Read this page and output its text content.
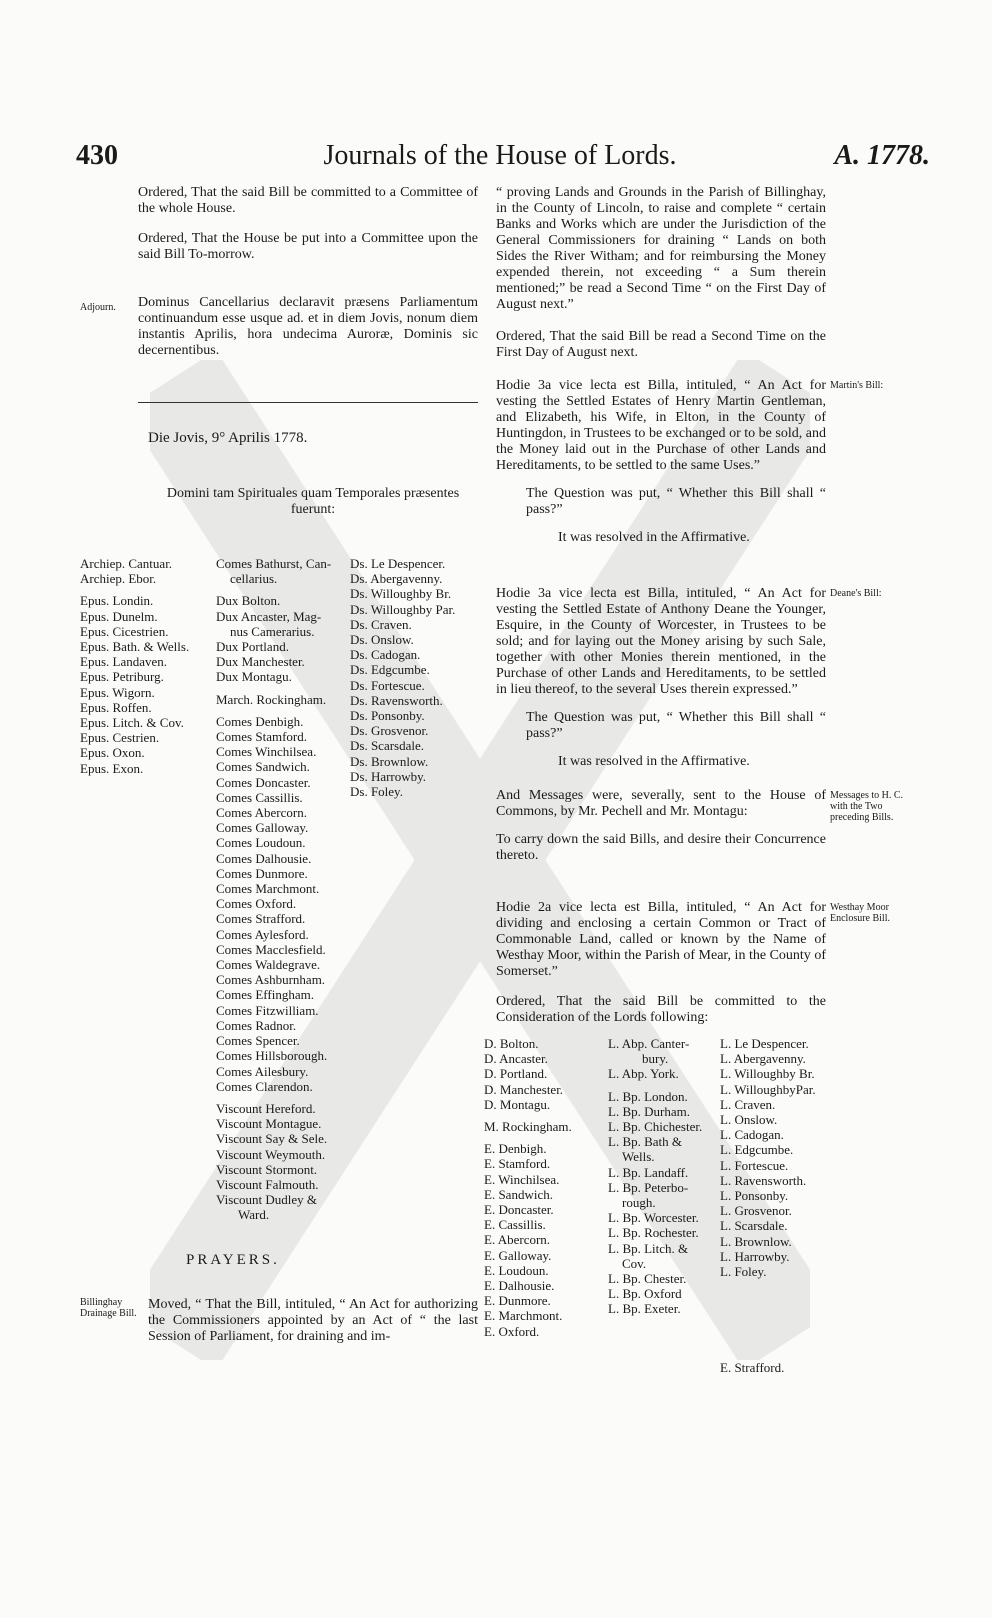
430	Journals of the House of Lords.	A. 1778.

Ordered, That the said Bill be committed to a Committee of the whole House.

Ordered, That the House be put into a Committee upon the said Bill To-morrow.

Dominus Cancellarius declaravit præsens Parliamentum continuandum esse usque ad. et in diem Jovis, nonum diem instantis Aprilis, hora undecima Auroræ, Dominis sic decernentibus.

Adjourn.
Die Jovis, 9° Aprilis 1778.
Domini tam Spirituales quam Temporales præsentes fuerunt:
Archiep. Cantuar.
Archiep. Ebor.
Epus. Londin.
Epus. Dunelm.
Epus. Cicestrien.
Epus. Bath. & Wells.
Epus. Landaven.
Epus. Petriburg.
Epus. Wigorn.
Epus. Roffen.
Epus. Litch. & Cov.
Epus. Cestrien.
Epus. Oxon.
Epus. Exon.
Comes Bathurst, Can-
cellarius.
Dux Bolton.
Dux Ancaster, Mag-
nus Camerarius.
Dux Portland.
Dux Manchester.
Dux Montagu.
March. Rockingham.
Comes Denbigh.
Comes Stamford.
Comes Winchilsea.
Comes Sandwich.
Comes Doncaster.
Comes Cassillis.
Comes Abercorn.
Comes Galloway.
Comes Loudoun.
Comes Dalhousie.
Comes Dunmore.
Comes Marchmont.
Comes Oxford.
Comes Strafford.
Comes Aylesford.
Comes Macclesfield.
Comes Waldegrave.
Comes Ashburnham.
Comes Effingham.
Comes Fitzwilliam.
Comes Radnor.
Comes Spencer.
Comes Hillsborough.
Comes Ailesbury.
Comes Clarendon.
Viscount Hereford.
Viscount Montague.
Viscount Say & Sele.
Viscount Weymouth.
Viscount Stormont.
Viscount Falmouth.
Viscount Dudley &
Ward.
Ds. Le Despencer.
Ds. Abergavenny.
Ds. Willoughby Br.
Ds. Willoughby Par.
Ds. Craven.
Ds. Onslow.
Ds. Cadogan.
Ds. Edgcumbe.
Ds. Fortescue.
Ds. Ravensworth.
Ds. Ponsonby.
Ds. Grosvenor.
Ds. Scarsdale.
Ds. Brownlow.
Ds. Harrowby.
Ds. Foley.
PRAYERS.
Billinghay Drainage Bill.

Moved, “ That the Bill, intituled, “ An Act for authorizing the Commissioners appointed by an Act of “ the last Session of Parliament, for draining and im-

“ proving Lands and Grounds in the Parish of Billinghay, in the County of Lincoln, to raise and complete “ certain Banks and Works which are under the Jurisdiction of the General Commissioners for draining “ Lands on both Sides the River Witham; and for reimbursing the Money expended therein, not exceeding “ a Sum therein mentioned;” be read a Second Time “ on the First Day of August next.”

Ordered, That the said Bill be read a Second Time on the First Day of August next.

Martin's Bill:

Hodie 3a vice lecta est Billa, intituled, “ An Act for vesting the Settled Estates of Henry Martin Gentleman, and Elizabeth, his Wife, in Elton, in the County of Huntingdon, in Trustees to be exchanged or to be sold, and the Money laid out in the Purchase of other Lands and Hereditaments, to be settled to the same Uses.”

The Question was put, “ Whether this Bill shall “ pass?”

It was resolved in the Affirmative.

Deane's Bill:

Hodie 3a vice lecta est Billa, intituled, “ An Act for vesting the Settled Estate of Anthony Deane the Younger, Esquire, in the County of Worcester, in Trustees to be sold; and for laying out the Money arising by such Sale, together with other Monies therein mentioned, in the Purchase of other Lands and Hereditaments, to be settled in lieu thereof, to the several Uses therein expressed.”

The Question was put, “ Whether this Bill shall “ pass?”

It was resolved in the Affirmative.

Messages to H. C. with the Two preceding Bills.

And Messages were, severally, sent to the House of Commons, by Mr. Pechell and Mr. Montagu:

To carry down the said Bills, and desire their Concurrence thereto.

Westhay Moor Enclosure Bill.

Hodie 2a vice lecta est Billa, intituled, “ An Act for dividing and enclosing a certain Common or Tract of Commonable Land, called or known by the Name of Westhay Moor, within the Parish of Mear, in the County of Somerset.”

Ordered, That the said Bill be committed to the Consideration of the Lords following:

D. Bolton.
D. Ancaster.
D. Portland.
D. Manchester.
D. Montagu.
M. Rockingham.
E. Denbigh.
E. Stamford.
E. Winchilsea.
E. Sandwich.
E. Doncaster.
E. Cassillis.
E. Abercorn.
E. Galloway.
E. Loudoun.
E. Dalhousie.
E. Dunmore.
E. Marchmont.
E. Oxford.
L. Abp. Canter-
bury.
L. Abp. York.
L. Bp. London.
L. Bp. Durham.
L. Bp. Chichester.
L. Bp. Bath &
Wells.
L. Bp. Landaff.
L. Bp. Peterbo-
rough.
L. Bp. Worcester.
L. Bp. Rochester.
L. Bp. Litch. &
Cov.
L. Bp. Chester.
L. Bp. Oxford
L. Bp. Exeter.
L. Le Despencer.
L. Abergavenny.
L. Willoughby Br.
L. WilloughbyPar.
L. Craven.
L. Onslow.
L. Cadogan.
L. Edgcumbe.
L. Fortescue.
L. Ravensworth.
L. Ponsonby.
L. Grosvenor.
L. Scarsdale.
L. Brownlow.
L. Harrowby.
L. Foley.
E. Strafford.
